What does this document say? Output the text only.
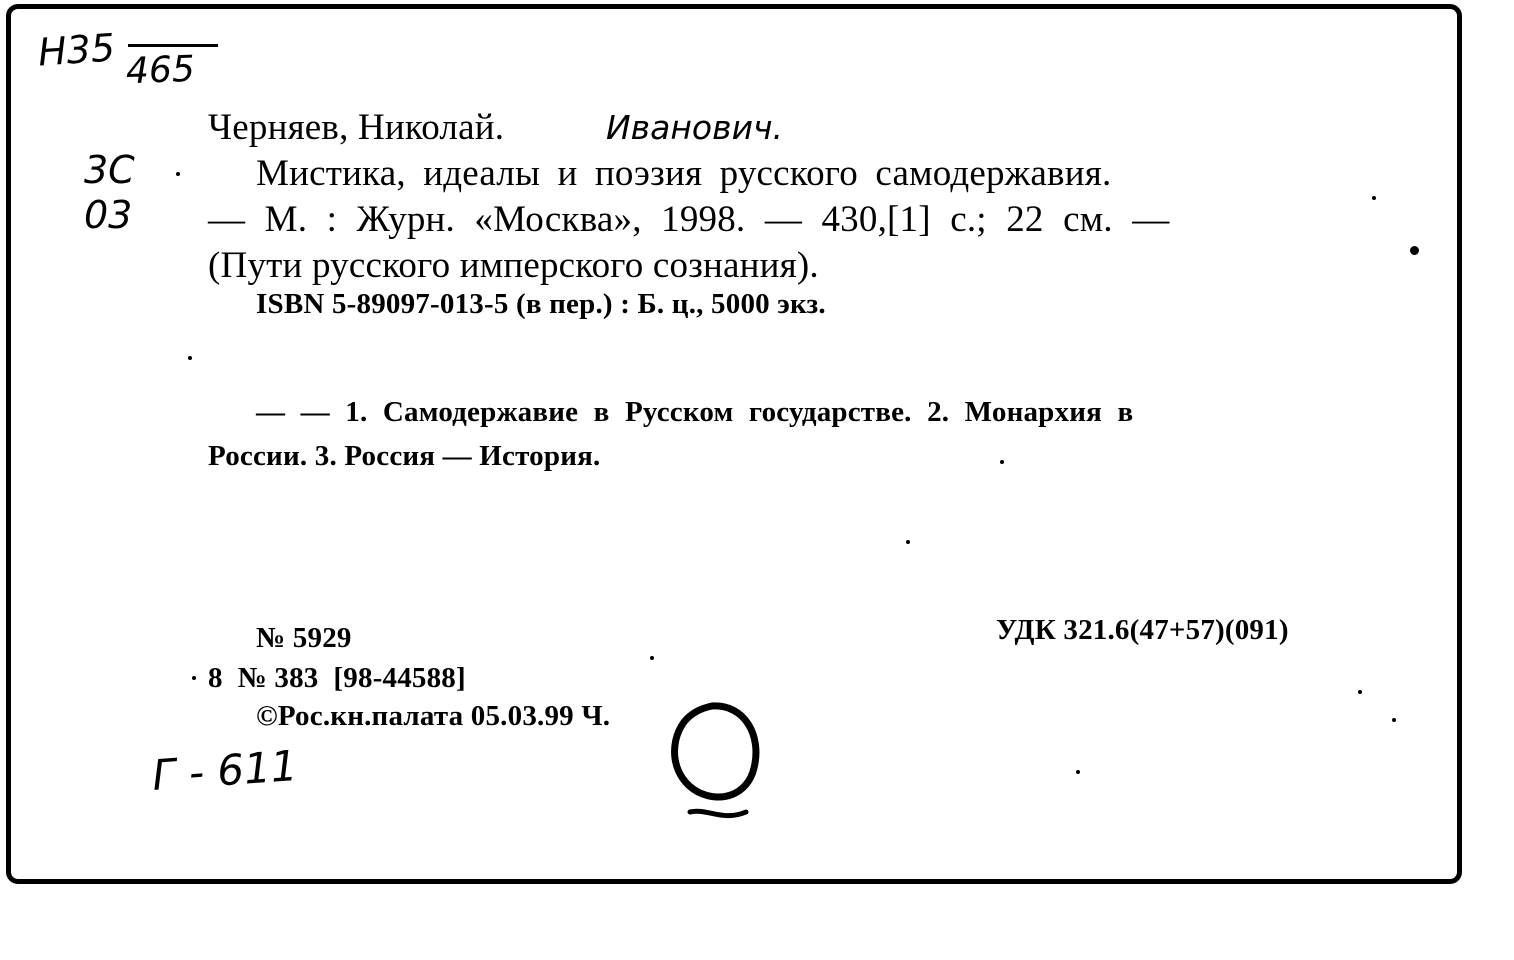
Н35 465
3С
03
Черняев, Николай.	Иванович.
Мистика, идеалы и поэзия русского самодержавия.
— М. : Журн. «Москва», 1998. — 430,[1] с.; 22 см. —
(Пути русского имперского сознания).
ISBN 5-89097-013-5 (в пер.) : Б. ц., 5000 экз.
— — 1. Самодержавие в Русском государстве. 2. Монархия в
России. 3. Россия — История.
№ 5929	УДК 321.6(47+57)(091)
8  № 383  [98-44588]
©Рос.кн.палата 05.03.99 Ч.
Г - 611
